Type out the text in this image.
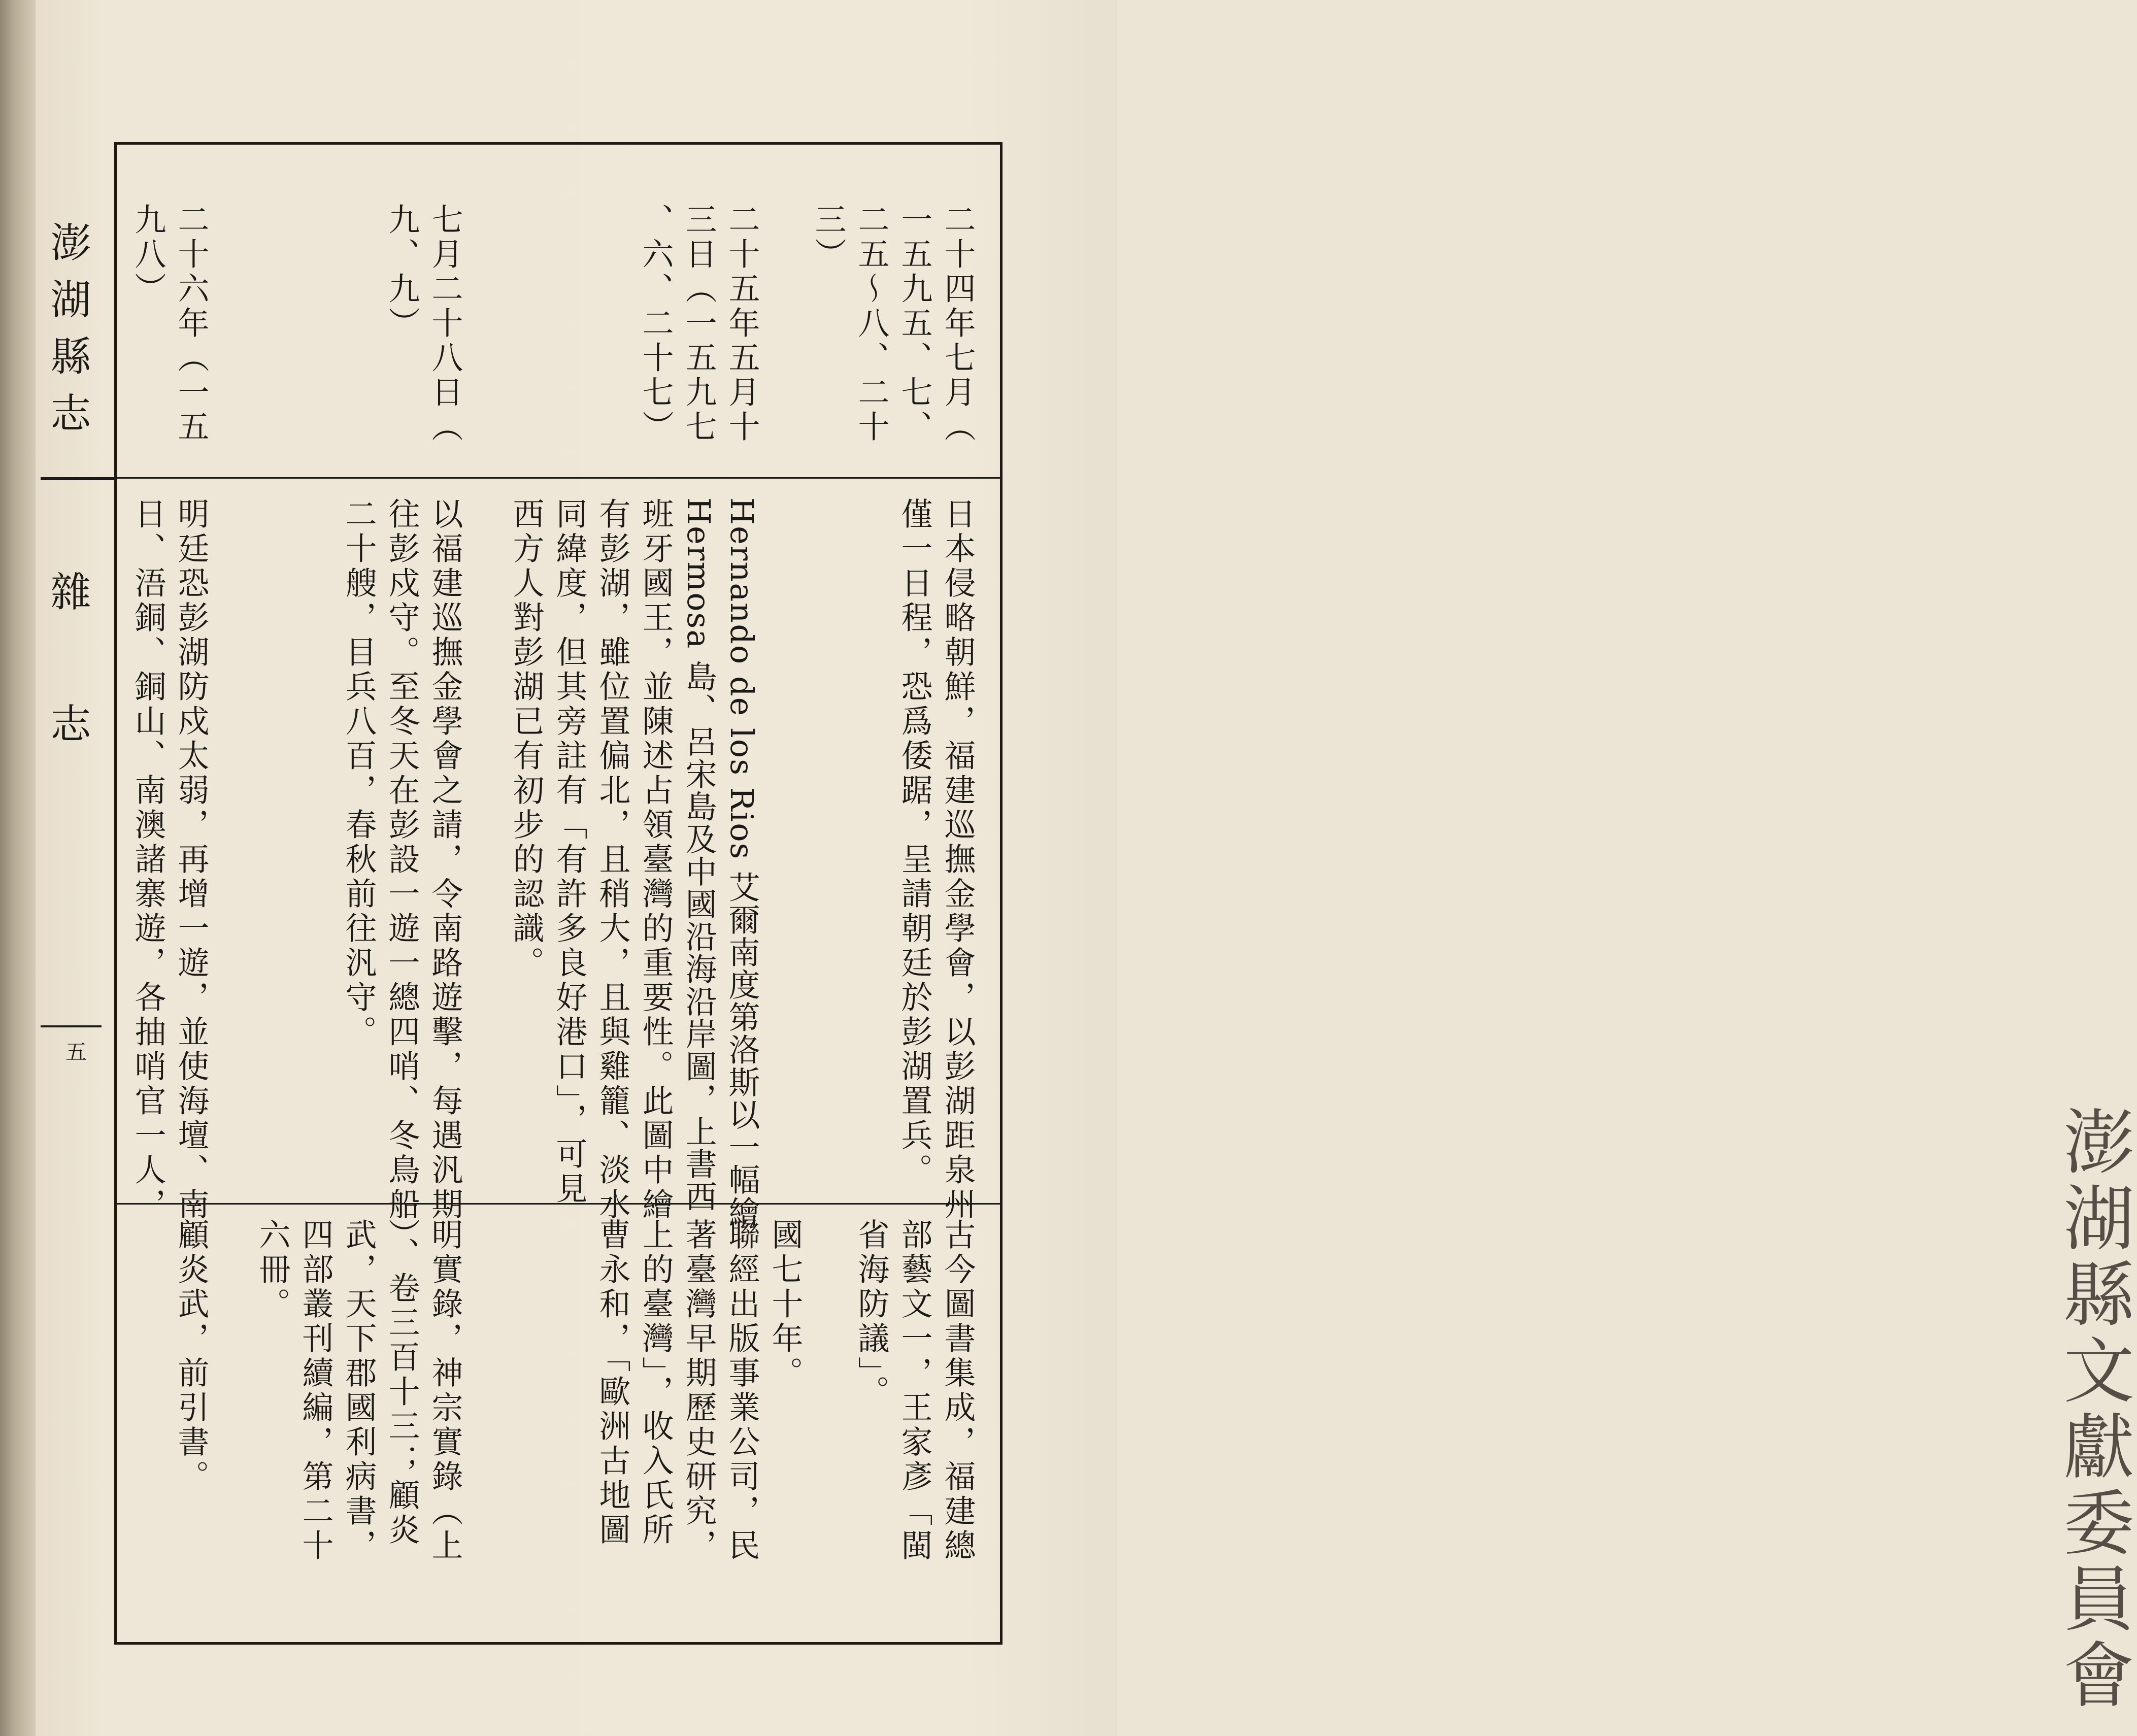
澎湖縣志
雜
志
五
澎
湖
縣
文
獻
委
員
會
二十四年七月（
一五九五、七、
二五～八、二十
三）
二十五年五月十
三日（一五九七
、六、二十七）
七月二十八日（
九、九）
二十六年（一五
九八）
日本侵略朝鮮，福建巡撫金學會，以彭湖距泉州
僅一日程，恐爲倭踞，呈請朝廷於彭湖置兵。
Hernando de los Rios 艾爾南度第洛斯以一幅繪
Hermosa 島、呂宋島及中國沿海沿岸圖，上書西
班牙國王，並陳述占領臺灣的重要性。此圖中繪
有彭湖，雖位置偏北，且稍大，且與雞籠、淡水
同緯度，但其旁註有「有許多良好港口」，可見
西方人對彭湖已有初步的認識。
以福建巡撫金學會之請，令南路遊擊，每遇汎期
往彭戍守。至冬天在彭設一遊一總四哨、冬鳥船
二十艘，目兵八百，春秋前往汎守。
明廷恐彭湖防戍太弱，再增一遊，並使海壇、南
日、浯銅、銅山、南澳諸寨遊，各抽哨官一人，
古今圖書集成，福建總
部藝文一，王家彥「閩
省海防議」。
國七十年。
聯經出版事業公司，民
著臺灣早期歷史研究，
上的臺灣」，收入氏所
曹永和，「歐洲古地圖
明實錄，神宗實錄（上
）、卷三百十三；顧炎
武，天下郡國利病書，
四部叢刊續編，第二十
六冊。
顧炎武，前引書。
